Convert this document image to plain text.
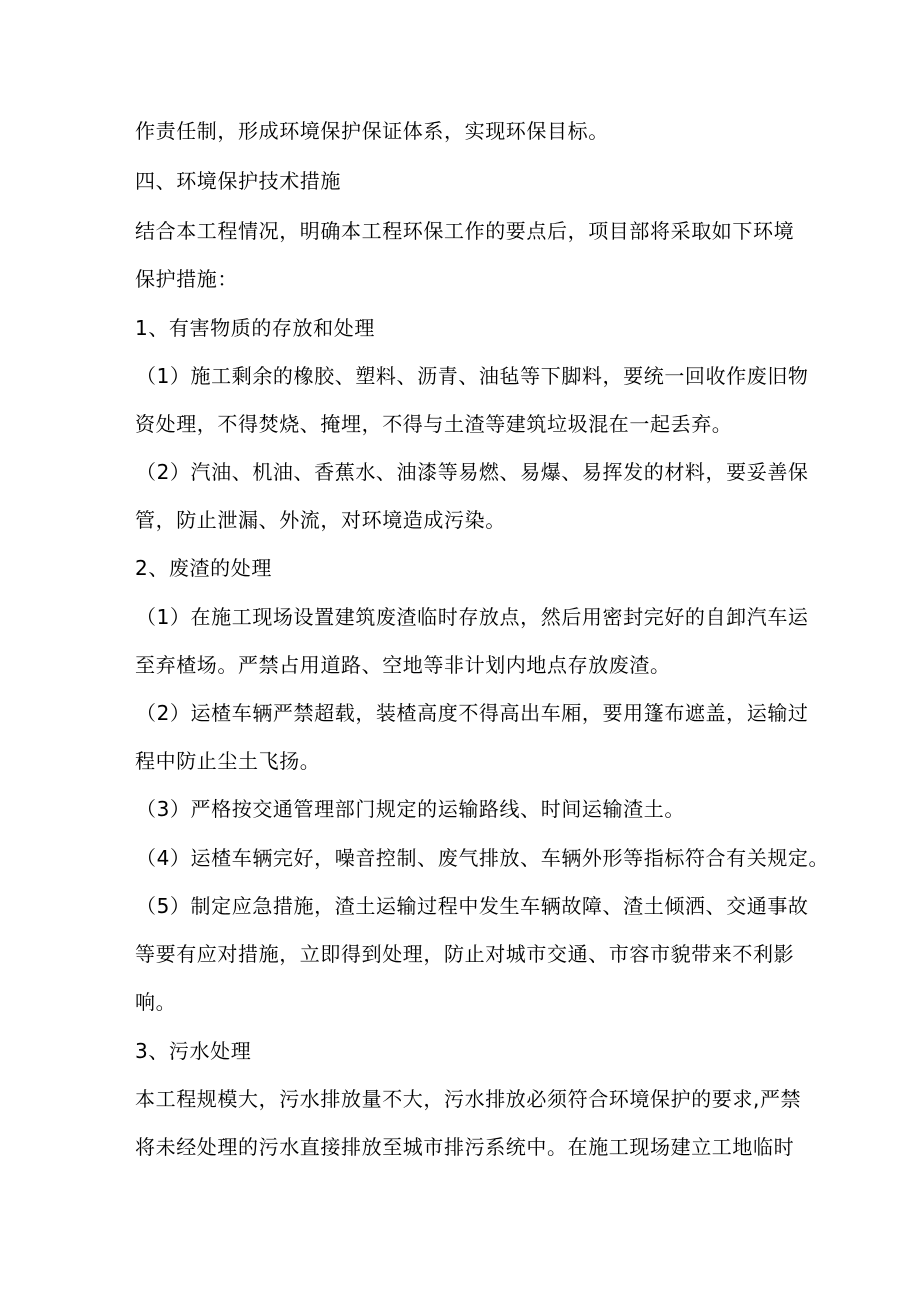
作责任制，形成环境保护保证体系，实现环保目标。
四、环境保护技术措施
结合本工程情况，明确本工程环保工作的要点后，项目部将采取如下环境
保护措施：
1、有害物质的存放和处理
（1）施工剩余的橡胶、塑料、沥青、油毡等下脚料，要统一回收作废旧物
资处理，不得焚烧、掩埋，不得与土渣等建筑垃圾混在一起丢弃。
（2）汽油、机油、香蕉水、油漆等易燃、易爆、易挥发的材料，要妥善保
管，防止泄漏、外流，对环境造成污染。
2、废渣的处理
（1）在施工现场设置建筑废渣临时存放点，然后用密封完好的自卸汽车运
至弃楂场。严禁占用道路、空地等非计划内地点存放废渣。
（2）运楂车辆严禁超载，装楂高度不得高出车厢，要用篷布遮盖，运输过
程中防止尘土飞扬。
（3）严格按交通管理部门规定的运输路线、时间运输渣土。
（4）运楂车辆完好，噪音控制、废气排放、车辆外形等指标符合有关规定。
（5）制定应急措施，渣土运输过程中发生车辆故障、渣土倾洒、交通事故
等要有应对措施，立即得到处理，防止对城市交通、市容市貌带来不利影
响。
3、污水处理
本工程规模大，污水排放量不大，污水排放必须符合环境保护的要求,严禁
将未经处理的污水直接排放至城市排污系统中。在施工现场建立工地临时
